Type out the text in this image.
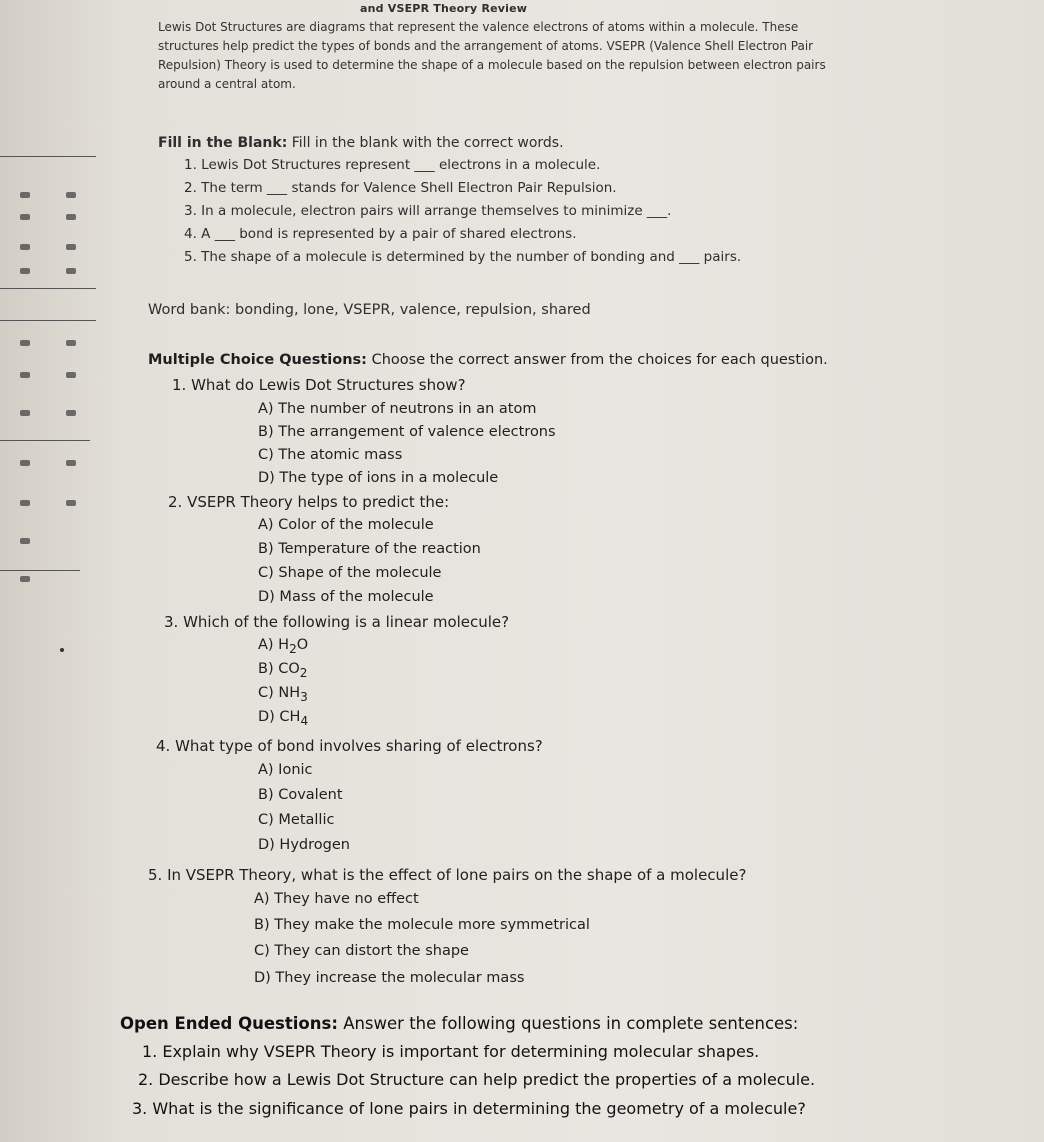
and VSEPR Theory Review
Lewis Dot Structures are diagrams that represent the valence electrons of atoms within a molecule. These
structures help predict the types of bonds and the arrangement of atoms. VSEPR (Valence Shell Electron Pair
Repulsion) Theory is used to determine the shape of a molecule based on the repulsion between electron pairs
around a central atom.
Fill in the Blank: Fill in the blank with the correct words.
1. Lewis Dot Structures represent ___ electrons in a molecule.
2. The term ___ stands for Valence Shell Electron Pair Repulsion.
3. In a molecule, electron pairs will arrange themselves to minimize ___.
4. A ___ bond is represented by a pair of shared electrons.
5. The shape of a molecule is determined by the number of bonding and ___ pairs.
Word bank: bonding, lone, VSEPR, valence, repulsion, shared
Multiple Choice Questions: Choose the correct answer from the choices for each question.
1. What do Lewis Dot Structures show?
A) The number of neutrons in an atom
B) The arrangement of valence electrons
C) The atomic mass
D) The type of ions in a molecule
2. VSEPR Theory helps to predict the:
A) Color of the molecule
B) Temperature of the reaction
C) Shape of the molecule
D) Mass of the molecule
3. Which of the following is a linear molecule?
A) $H_2O$
B) $CO_2$
C) $NH_3$
D) $CH_4$
4. What type of bond involves sharing of electrons?
A) Ionic
B) Covalent
C) Metallic
D) Hydrogen
5. In VSEPR Theory, what is the effect of lone pairs on the shape of a molecule?
A) They have no effect
B) They make the molecule more symmetrical
C) They can distort the shape
D) They increase the molecular mass
Open Ended Questions: Answer the following questions in complete sentences:
1. Explain why VSEPR Theory is important for determining molecular shapes.
2. Describe how a Lewis Dot Structure can help predict the properties of a molecule.
3. What is the significance of lone pairs in determining the geometry of a molecule?
